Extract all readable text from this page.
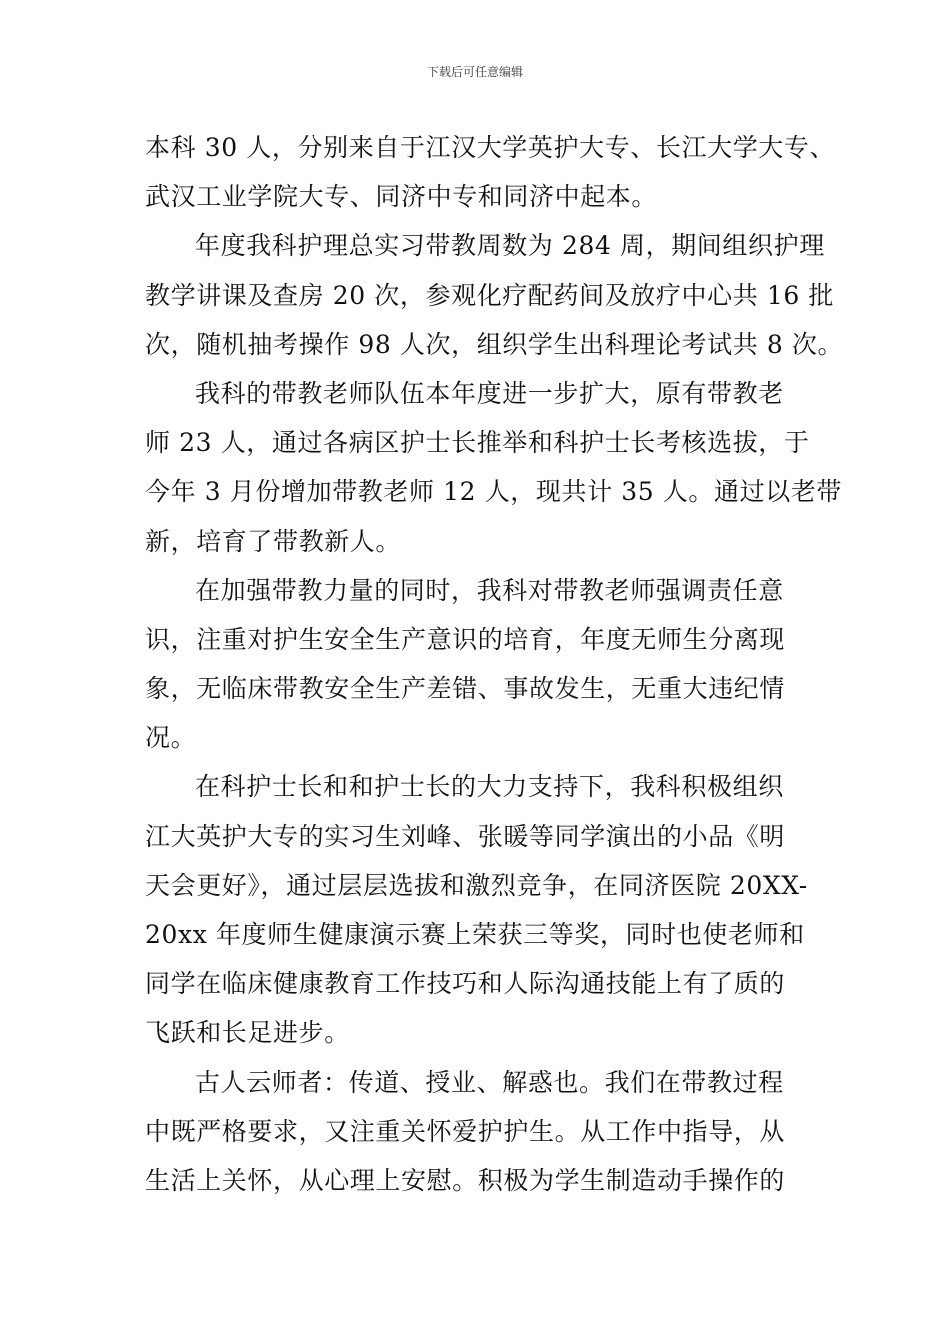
下载后可任意编辑
本科 30 人，分别来自于江汉大学英护大专、长江大学大专、
武汉工业学院大专、同济中专和同济中起本。
年度我科护理总实习带教周数为 284 周，期间组织护理
教学讲课及查房 20 次，参观化疗配药间及放疗中心共 16 批
次，随机抽考操作 98 人次，组织学生出科理论考试共 8 次。
我科的带教老师队伍本年度进一步扩大，原有带教老
师 23 人，通过各病区护士长推举和科护士长考核选拔，于
今年 3 月份增加带教老师 12 人，现共计 35 人。通过以老带
新，培育了带教新人。
在加强带教力量的同时，我科对带教老师强调责任意
识，注重对护生安全生产意识的培育，年度无师生分离现
象，无临床带教安全生产差错、事故发生，无重大违纪情
况。
在科护士长和和护士长的大力支持下，我科积极组织
江大英护大专的实习生刘峰、张暖等同学演出的小品《明
天会更好》，通过层层选拔和激烈竞争，在同济医院 20XX-
20xx 年度师生健康演示赛上荣获三等奖，同时也使老师和
同学在临床健康教育工作技巧和人际沟通技能上有了质的
飞跃和长足进步。
古人云师者：传道、授业、解惑也。我们在带教过程
中既严格要求，又注重关怀爱护护生。从工作中指导，从
生活上关怀，从心理上安慰。积极为学生制造动手操作的
